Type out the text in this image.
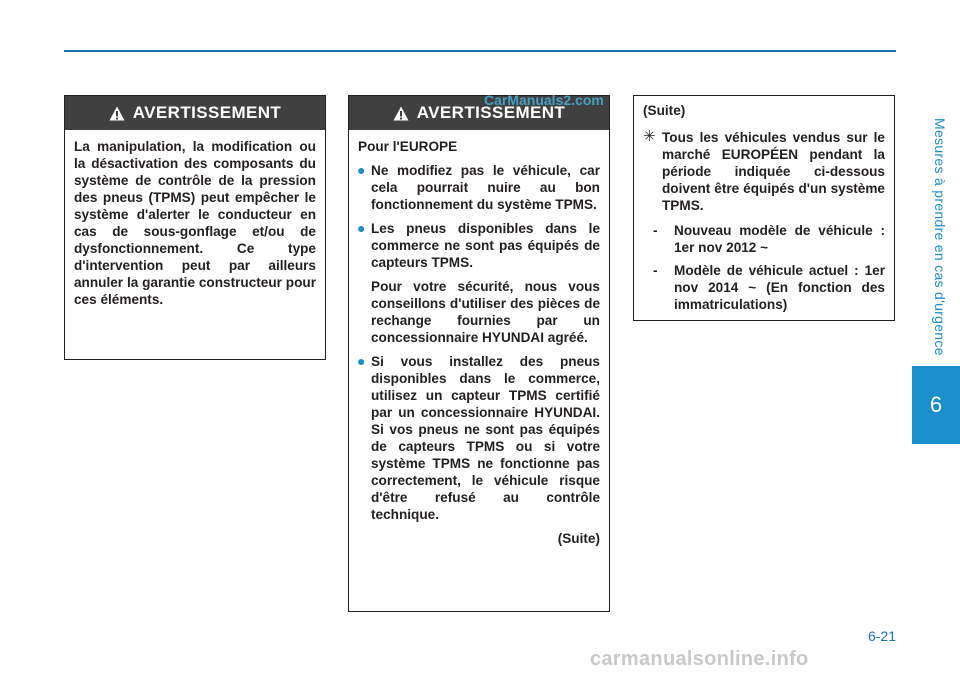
Mesures à prendre en cas d'urgence
6
AVERTISSEMENT

La manipulation, la modification ou la désactivation des composants du système de contrôle de la pression des pneus (TPMS) peut empêcher le système d'alerter le conducteur en cas de sous-gonflage et/ou de dysfonctionnement. Ce type d'intervention peut par ailleurs annuler la garantie constructeur pour ces éléments.

AVERTISSEMENT

Pour l'EUROPE

● Ne modifiez pas le véhicule, car cela pourrait nuire au bon fonctionnement du système TPMS.
● Les pneus disponibles dans le commerce ne sont pas équipés de capteurs TPMS.

Pour votre sécurité, nous vous conseillons d'utiliser des pièces de rechange fournies par un concessionnaire HYUNDAI agréé.

● Si vous installez des pneus disponibles dans le commerce, utilisez un capteur TPMS certifié par un concessionnaire HYUNDAI. Si vos pneus ne sont pas équipés de capteurs TPMS ou si votre système TPMS ne fonctionne pas correctement, le véhicule risque d'être refusé au contrôle technique.

(Suite)

(Suite)

✳ Tous les véhicules vendus sur le marché EUROPÉEN pendant la période indiquée ci-dessous doivent être équipés d'un système TPMS.
- Nouveau modèle de véhicule : 1er nov 2012 ~
- Modèle de véhicule actuel : 1er nov 2014 ~ (En fonction des immatriculations)
CarManuals2.com
6-21
carmanualsonline.info
